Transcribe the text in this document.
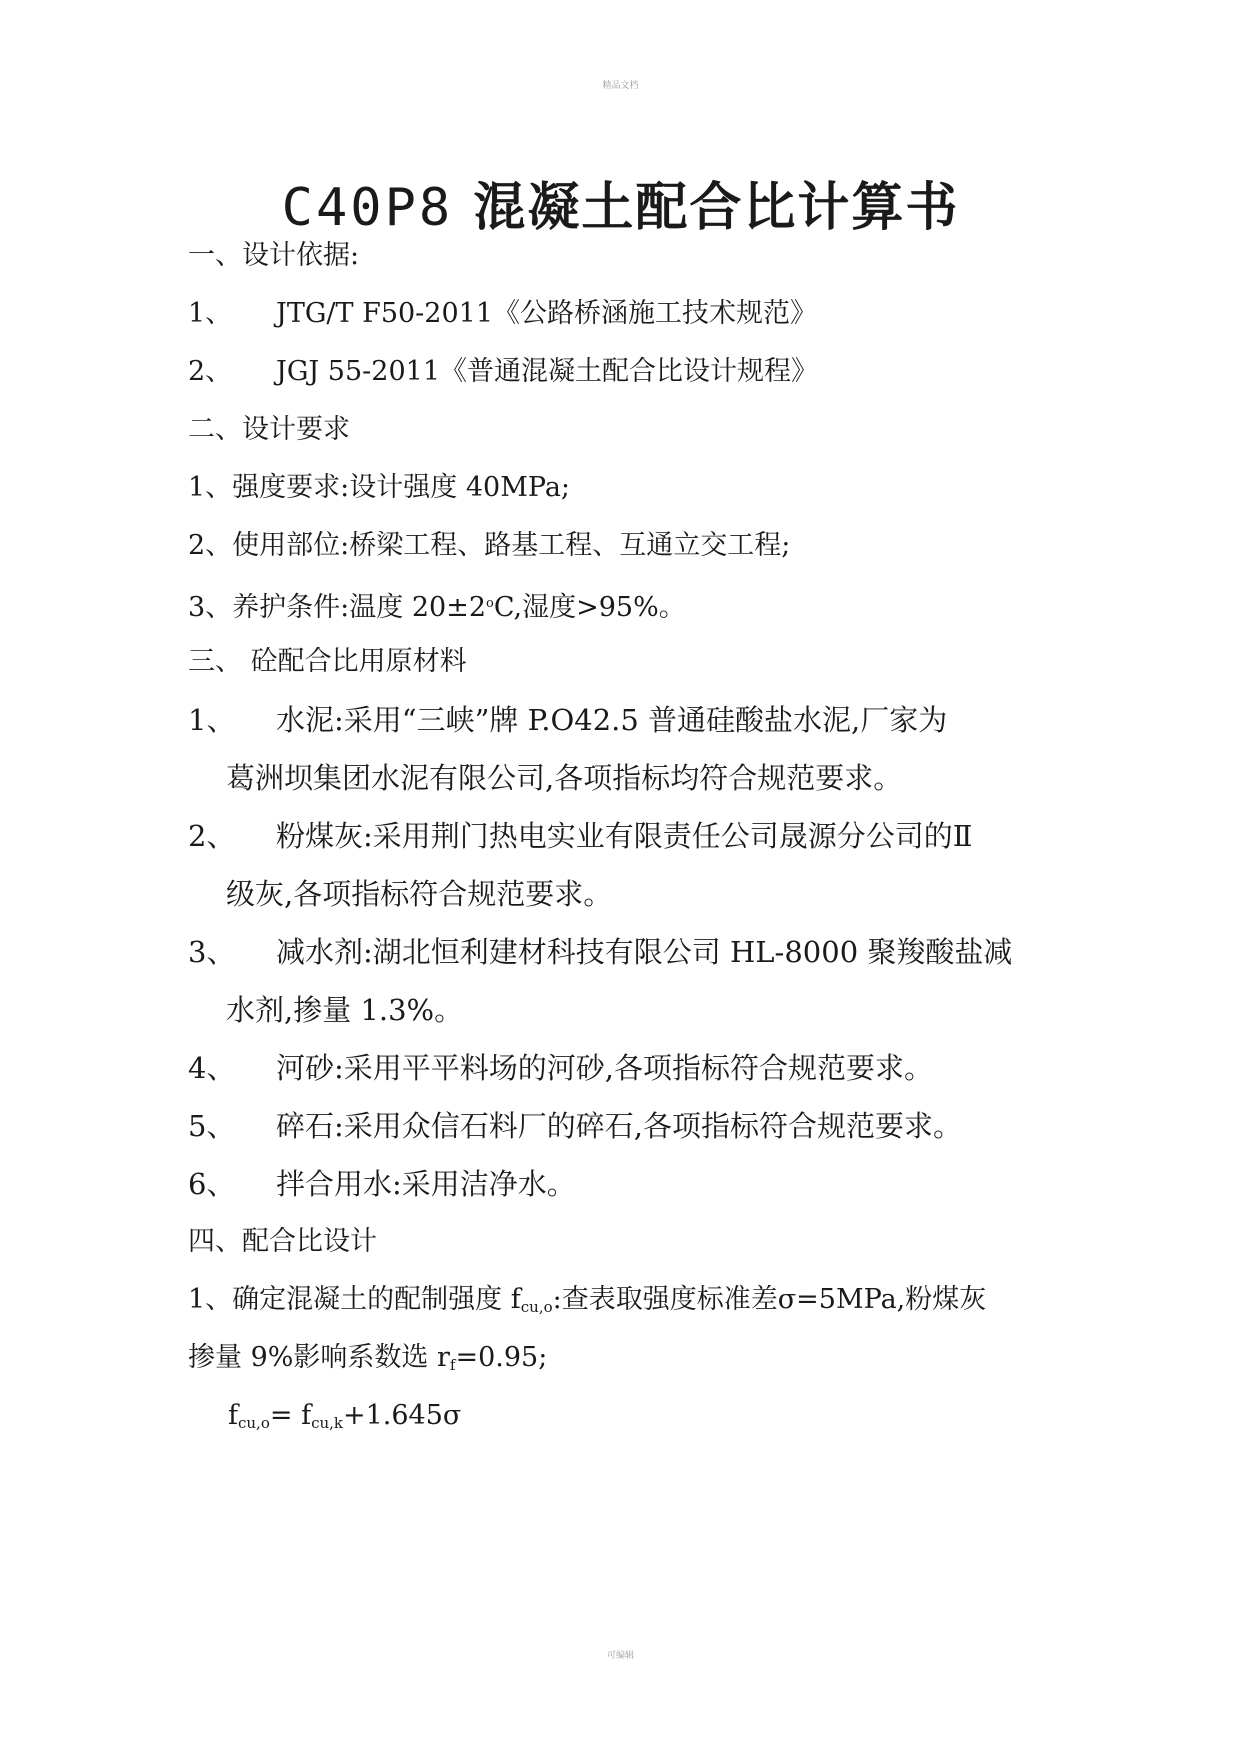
精品文档
C40P8 混凝土配合比计算书
一、设计依据:
1、 JTG/T F50-2011《公路桥涵施工技术规范》
2、 JGJ 55-2011《普通混凝土配合比设计规程》
二、设计要求
1、强度要求:设计强度 40MPa;
2、使用部位:桥梁工程、路基工程、互通立交工程;
3、养护条件:温度 $20\pm 2^oC$,湿度>95%。
三、 砼配合比用原材料
1、 水泥:采用“三峡”牌 P.O42.5 普通硅酸盐水泥,厂家为
葛洲坝集团水泥有限公司,各项指标均符合规范要求。
2、 粉煤灰:采用荆门热电实业有限责任公司晟源分公司的Ⅱ
级灰,各项指标符合规范要求。
3、 减水剂:湖北恒利建材科技有限公司 HL-8000 聚羧酸盐减
水剂,掺量 1.3%。
4、 河砂:采用平平料场的河砂,各项指标符合规范要求。
5、 碎石:采用众信石料厂的碎石,各项指标符合规范要求。
6、 拌合用水:采用洁净水。
四、配合比设计
1、确定混凝土的配制强度 $f_{cu,o}$:查表取强度标准差σ=5MPa,粉煤灰
掺量 9%影响系数选 $r_f=0.95$;
$f_{cu,o}= f_{cu,k}+1.645\sigma$
可编辑
